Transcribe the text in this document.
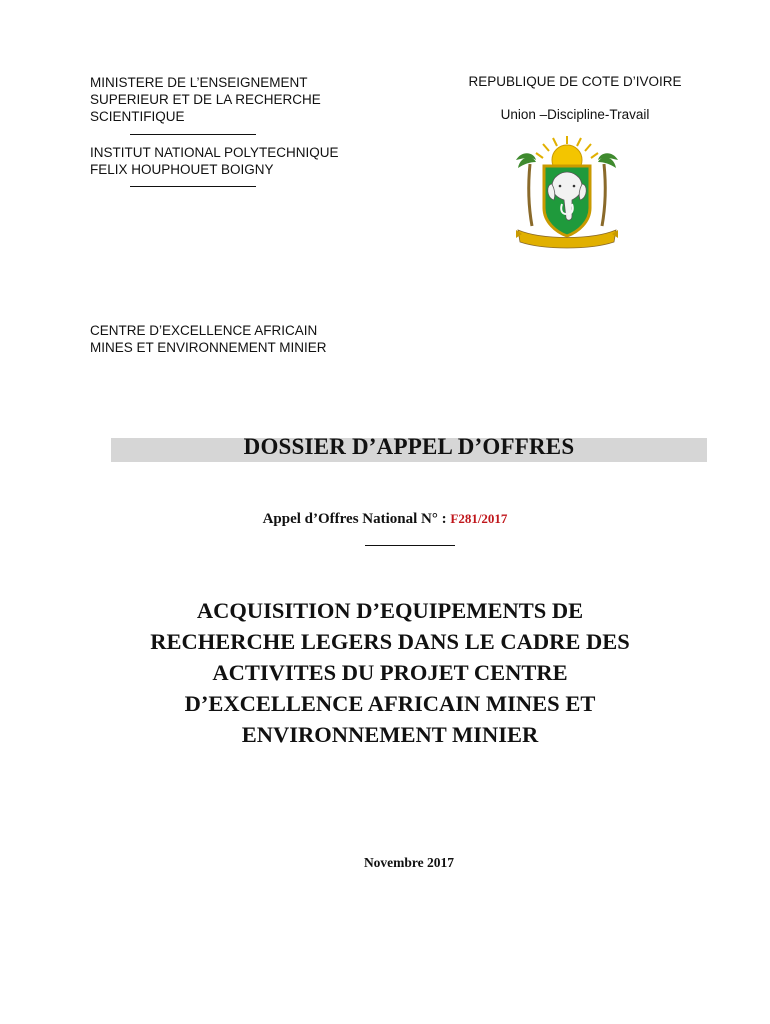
MINISTERE DE L’ENSEIGNEMENT
SUPERIEUR ET DE LA RECHERCHE
SCIENTIFIQUE
INSTITUT NATIONAL POLYTECHNIQUE
FELIX HOUPHOUET BOIGNY
REPUBLIQUE DE COTE D’IVOIRE
Union –Discipline-Travail
CENTRE D’EXCELLENCE AFRICAIN
MINES ET ENVIRONNEMENT MINIER
DOSSIER D’APPEL D’OFFRES
Appel d’Offres National N° : F281/2017
ACQUISITION D’EQUIPEMENTS DE
RECHERCHE LEGERS DANS LE CADRE DES
ACTIVITES DU PROJET CENTRE
D’EXCELLENCE AFRICAIN MINES ET
ENVIRONNEMENT MINIER
Novembre 2017
